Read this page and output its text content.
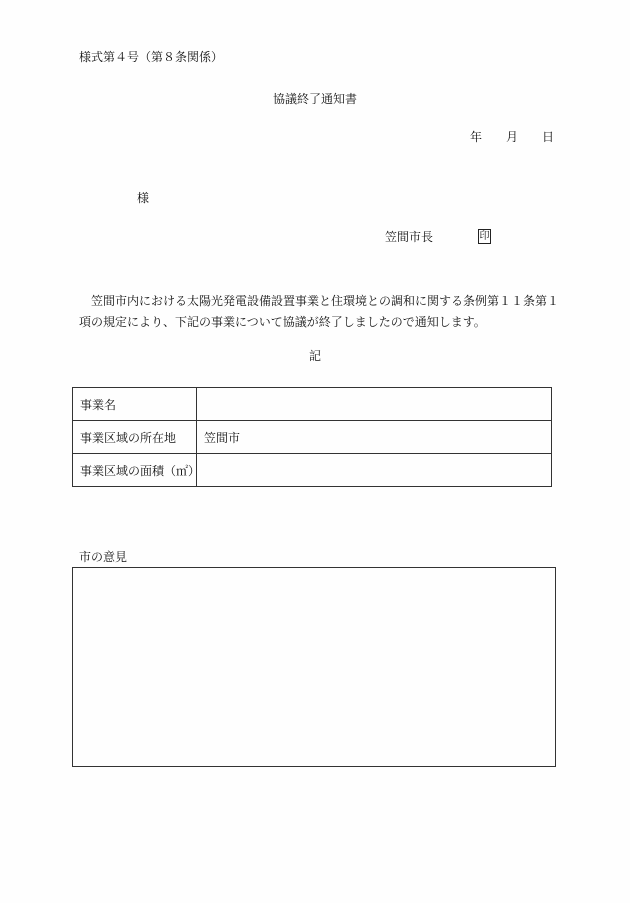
様式第４号（第８条関係）
協議終了通知書
年 月 日
様
笠間市長	印
笠間市内における太陽光発電設備設置事業と住環境との調和に関する条例第１１条第１項の規定により、下記の事業について協議が終了しましたので通知します。
記
事業名	
事業区域の所在地	笠間市
事業区域の面積（㎡）	
市の意見
